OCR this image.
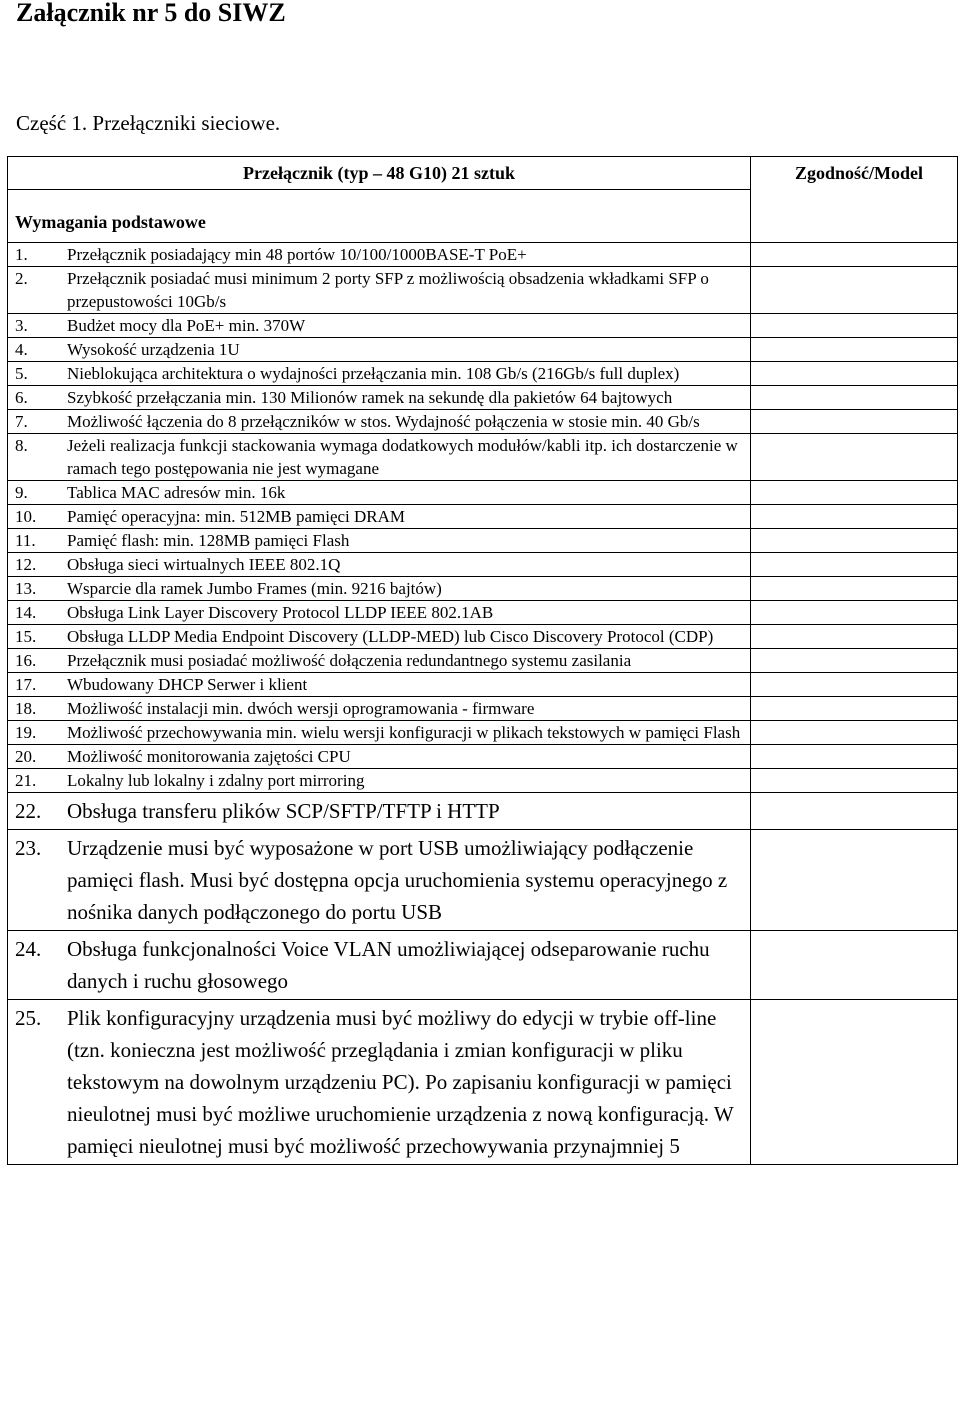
Załącznik nr 5 do SIWZ

Część 1. Przełączniki sieciowe.

Przełącznik (typ – 48 G10) 21 sztuk	Zgodność/Model

Wymagania podstawowe	

1. Przełącznik posiadający min 48 portów 10/100/1000BASE-T PoE+	

2. Przełącznik posiadać musi minimum 2 porty SFP z możliwością obsadzenia wkładkami SFP o przepustowości 10Gb/s	

3. Budżet mocy dla PoE+ min. 370W	

4. Wysokość urządzenia 1U	

5. Nieblokująca architektura o wydajności przełączania min. 108 Gb/s (216Gb/s full duplex)	

6. Szybkość przełączania min. 130 Milionów ramek na sekundę dla pakietów 64 bajtowych	

7. Możliwość łączenia do 8 przełączników w stos. Wydajność połączenia w stosie min. 40 Gb/s	

8. Jeżeli realizacja funkcji stackowania wymaga dodatkowych modułów/kabli itp. ich dostarczenie w ramach tego postępowania nie jest wymagane	

9. Tablica MAC adresów min. 16k	

10. Pamięć operacyjna: min. 512MB pamięci DRAM	

11. Pamięć flash: min. 128MB pamięci Flash	

12. Obsługa sieci wirtualnych IEEE 802.1Q	

13. Wsparcie dla ramek Jumbo Frames (min. 9216 bajtów)	

14. Obsługa Link Layer Discovery Protocol LLDP IEEE 802.1AB	

15. Obsługa LLDP Media Endpoint Discovery (LLDP-MED) lub Cisco Discovery Protocol (CDP)	

16. Przełącznik musi posiadać możliwość dołączenia redundantnego systemu zasilania	

17. Wbudowany DHCP Serwer i klient	

18. Możliwość instalacji min. dwóch wersji oprogramowania - firmware	

19. Możliwość przechowywania min. wielu wersji konfiguracji w plikach tekstowych w pamięci Flash	

20. Możliwość monitorowania zajętości CPU	

21. Lokalny lub lokalny i zdalny port mirroring	

22. Obsługa transferu plików SCP/SFTP/TFTP i HTTP	

23. Urządzenie musi być wyposażone w port USB umożliwiający podłączenie pamięci flash. Musi być dostępna opcja uruchomienia systemu operacyjnego z nośnika danych podłączonego do portu USB	

24. Obsługa funkcjonalności Voice VLAN umożliwiającej odseparowanie ruchu danych i ruchu głosowego	

25. Plik konfiguracyjny urządzenia musi być możliwy do edycji w trybie off-line (tzn. konieczna jest możliwość przeglądania i zmian konfiguracji w pliku tekstowym na dowolnym urządzeniu PC). Po zapisaniu konfiguracji w pamięci nieulotnej musi być możliwe uruchomienie urządzenia z nową konfiguracją. W pamięci nieulotnej musi być możliwość przechowywania przynajmniej 5	
